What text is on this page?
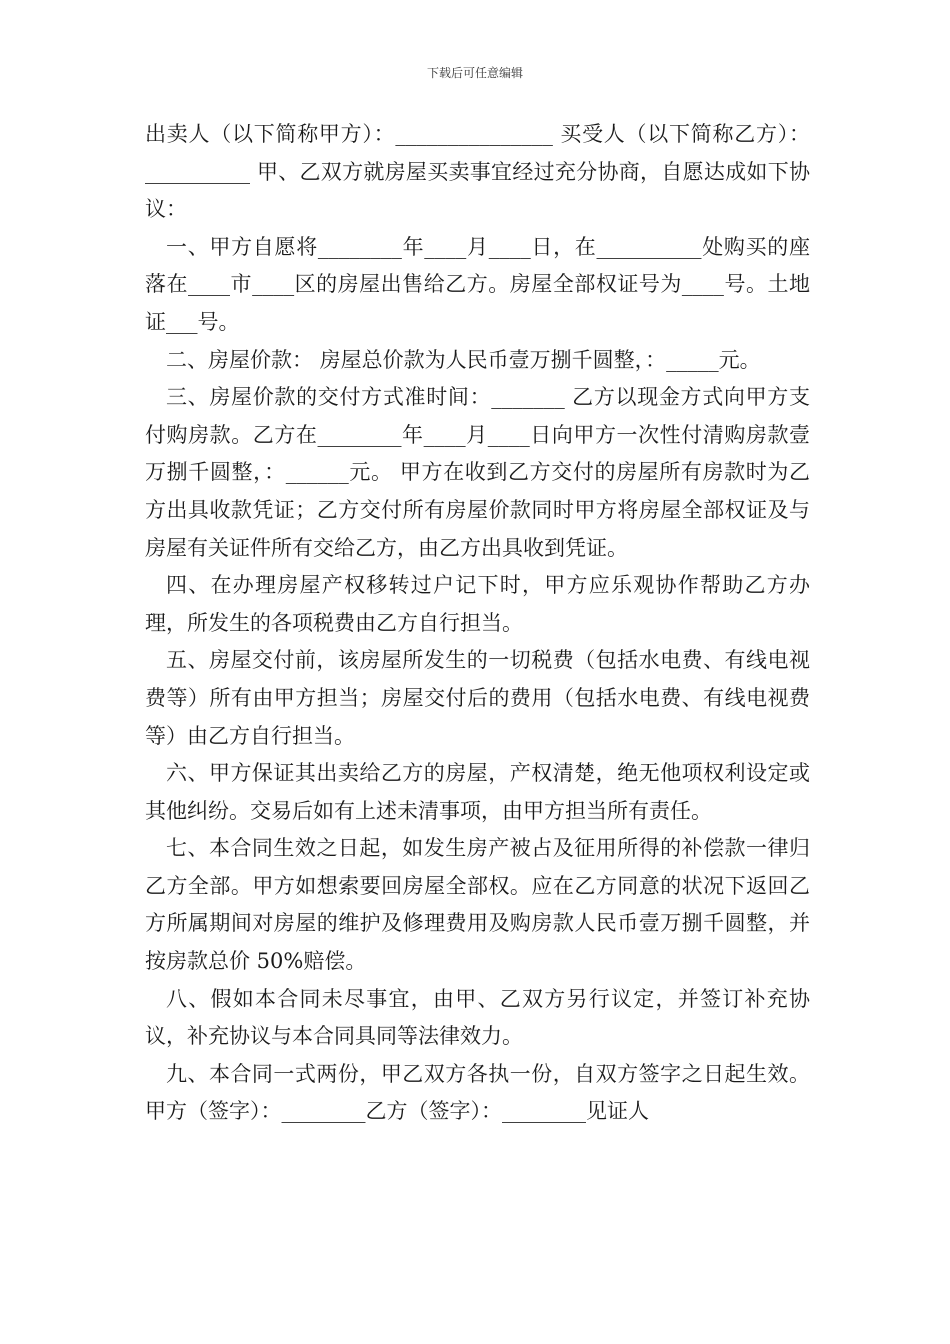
下载后可任意编辑

出卖人（以下简称甲方）：_______________ 买受人（以下简称乙方）：__________ 甲、乙双方就房屋买卖事宜经过充分协商，自愿达成如下协议：

一、甲方自愿将________年____月____日，在__________处购买的座落在____市____区的房屋出售给乙方。房屋全部权证号为____号。土地证___号。

二、房屋价款： 房屋总价款为人民币壹万捌千圆整，：_____元。

三、房屋价款的交付方式准时间：_______ 乙方以现金方式向甲方支付购房款。乙方在________年____月____日向甲方一次性付清购房款壹万捌千圆整，：______元。 甲方在收到乙方交付的房屋所有房款时为乙方出具收款凭证；乙方交付所有房屋价款同时甲方将房屋全部权证及与房屋有关证件所有交给乙方，由乙方出具收到凭证。

四、在办理房屋产权移转过户记下时，甲方应乐观协作帮助乙方办理，所发生的各项税费由乙方自行担当。

五、房屋交付前，该房屋所发生的一切税费（包括水电费、有线电视费等）所有由甲方担当；房屋交付后的费用（包括水电费、有线电视费等）由乙方自行担当。

六、甲方保证其出卖给乙方的房屋，产权清楚，绝无他项权利设定或其他纠纷。交易后如有上述未清事项，由甲方担当所有责任。

七、本合同生效之日起，如发生房产被占及征用所得的补偿款一律归乙方全部。甲方如想索要回房屋全部权。应在乙方同意的状况下返回乙方所属期间对房屋的维护及修理费用及购房款人民币壹万捌千圆整，并按房款总价 50%赔偿。

八、假如本合同未尽事宜，由甲、乙双方另行议定，并签订补充协议，补充协议与本合同具同等法律效力。

九、本合同一式两份，甲乙双方各执一份，自双方签字之日起生效。 甲方（签字）：________乙方（签字）：________见证人
